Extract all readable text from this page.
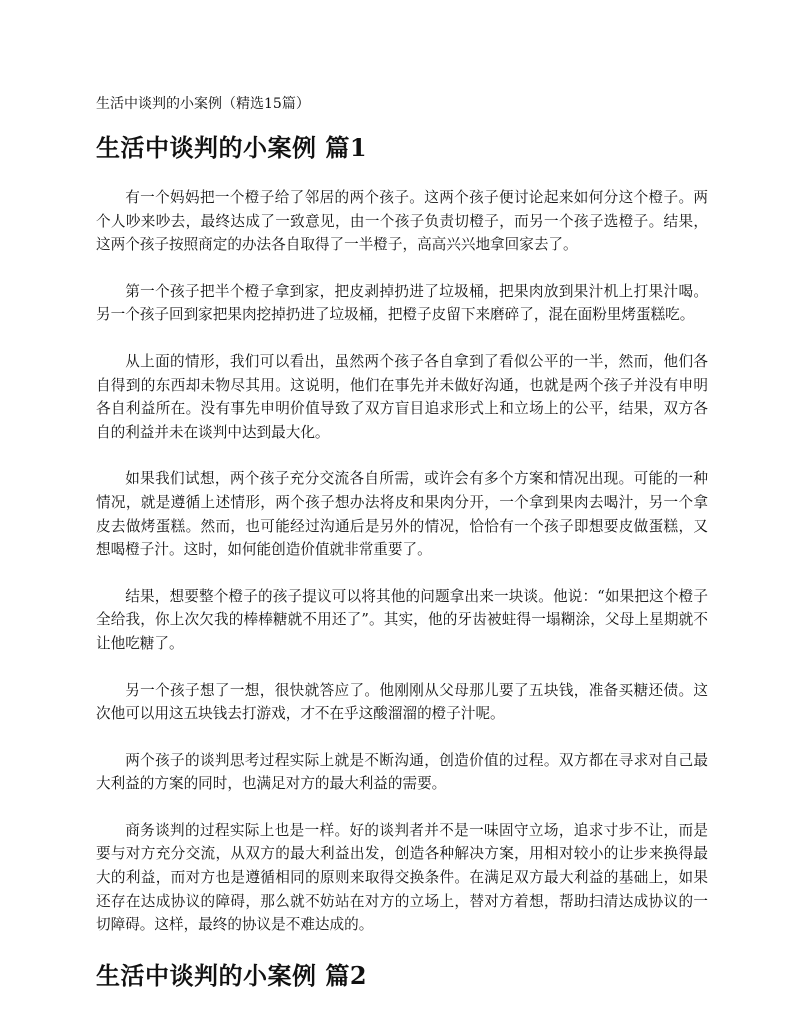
生活中谈判的小案例（精选15篇）
生活中谈判的小案例 篇1

有一个妈妈把一个橙子给了邻居的两个孩子。这两个孩子便讨论起来如何分这个橙子。两个人吵来吵去，最终达成了一致意见，由一个孩子负责切橙子，而另一个孩子选橙子。结果，这两个孩子按照商定的办法各自取得了一半橙子，高高兴兴地拿回家去了。

第一个孩子把半个橙子拿到家，把皮剥掉扔进了垃圾桶，把果肉放到果汁机上打果汁喝。另一个孩子回到家把果肉挖掉扔进了垃圾桶，把橙子皮留下来磨碎了，混在面粉里烤蛋糕吃。

从上面的情形，我们可以看出，虽然两个孩子各自拿到了看似公平的一半，然而，他们各自得到的东西却未物尽其用。这说明，他们在事先并未做好沟通，也就是两个孩子并没有申明各自利益所在。没有事先申明价值导致了双方盲目追求形式上和立场上的公平，结果，双方各自的利益并未在谈判中达到最大化。

如果我们试想，两个孩子充分交流各自所需，或许会有多个方案和情况出现。可能的一种情况，就是遵循上述情形，两个孩子想办法将皮和果肉分开，一个拿到果肉去喝汁，另一个拿皮去做烤蛋糕。然而，也可能经过沟通后是另外的情况，恰恰有一个孩子即想要皮做蛋糕，又想喝橙子汁。这时，如何能创造价值就非常重要了。

结果，想要整个橙子的孩子提议可以将其他的问题拿出来一块谈。他说：“如果把这个橙子全给我，你上次欠我的棒棒糖就不用还了”。其实，他的牙齿被蛀得一塌糊涂，父母上星期就不让他吃糖了。

另一个孩子想了一想，很快就答应了。他刚刚从父母那儿要了五块钱，准备买糖还债。这次他可以用这五块钱去打游戏，才不在乎这酸溜溜的橙子汁呢。

两个孩子的谈判思考过程实际上就是不断沟通，创造价值的过程。双方都在寻求对自己最大利益的方案的同时，也满足对方的最大利益的需要。

商务谈判的过程实际上也是一样。好的谈判者并不是一味固守立场，追求寸步不让，而是要与对方充分交流，从双方的最大利益出发，创造各种解决方案，用相对较小的让步来换得最大的利益，而对方也是遵循相同的原则来取得交换条件。在满足双方最大利益的基础上，如果还存在达成协议的障碍，那么就不妨站在对方的立场上，替对方着想，帮助扫清达成协议的一切障碍。这样，最终的协议是不难达成的。

生活中谈判的小案例 篇2
